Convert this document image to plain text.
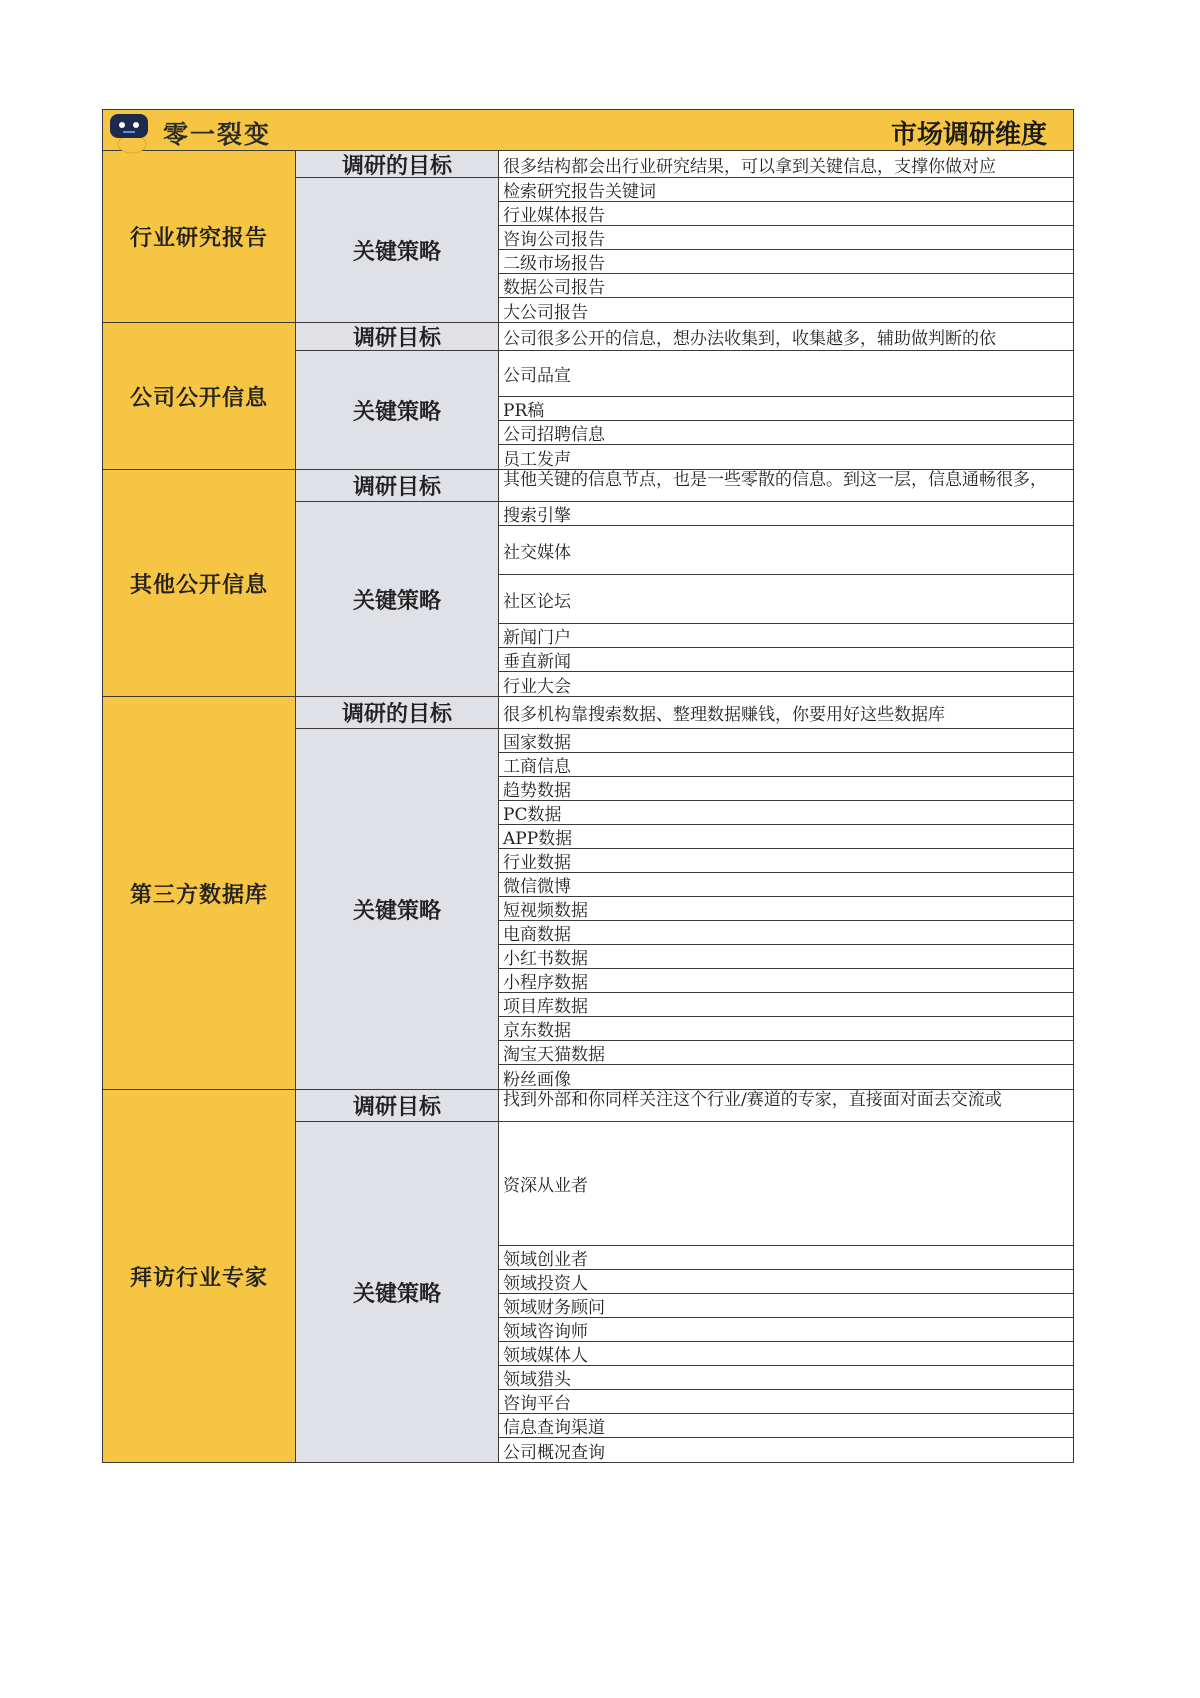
零一裂变	市场调研维度
行业研究报告
调研的目标	很多结构都会出行业研究结果，可以拿到关键信息，支撑你做对应
关键策略
检索研究报告关键词
行业媒体报告
咨询公司报告
二级市场报告
数据公司报告
大公司报告
公司公开信息
调研目标	公司很多公开的信息，想办法收集到，收集越多，辅助做判断的依
关键策略
公司品宣
PR稿
公司招聘信息
员工发声
其他公开信息
调研目标	其他关键的信息节点，也是一些零散的信息。到这一层，信息通畅很多，
关键策略
搜索引擎
社交媒体
社区论坛
新闻门户
垂直新闻
行业大会
第三方数据库
调研的目标	很多机构靠搜索数据、整理数据赚钱，你要用好这些数据库
关键策略
国家数据
工商信息
趋势数据
PC数据
APP数据
行业数据
微信微博
短视频数据
电商数据
小红书数据
小程序数据
项目库数据
京东数据
淘宝天猫数据
粉丝画像
拜访行业专家
调研目标	找到外部和你同样关注这个行业/赛道的专家，直接面对面去交流或
关键策略
资深从业者
领域创业者
领域投资人
领域财务顾问
领域咨询师
领域媒体人
领域猎头
咨询平台
信息查询渠道
公司概况查询
